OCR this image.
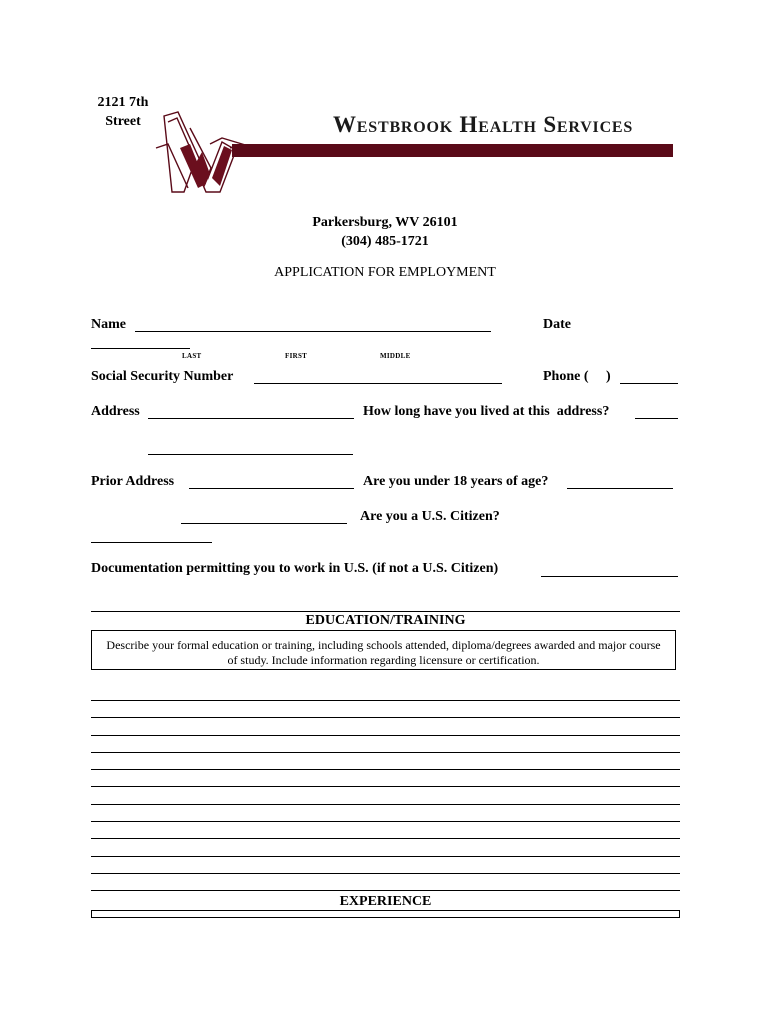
2121 7th
Street	Westbrook Health Services
Parkersburg, WV 26101
(304) 485-1721
APPLICATION FOR EMPLOYMENT
Name	Date
LAST	FIRST	MIDDLE
Social Security Number	Phone (     )
Address	How long have you lived at this  address?
Prior Address	Are you under 18 years of age?
Are you a U.S. Citizen?
Documentation permitting you to work in U.S. (if not a U.S. Citizen)
EDUCATION/TRAINING
Describe your formal education or training, including schools attended, diploma/degrees awarded and major course of study. Include information regarding licensure or certification.
EXPERIENCE
